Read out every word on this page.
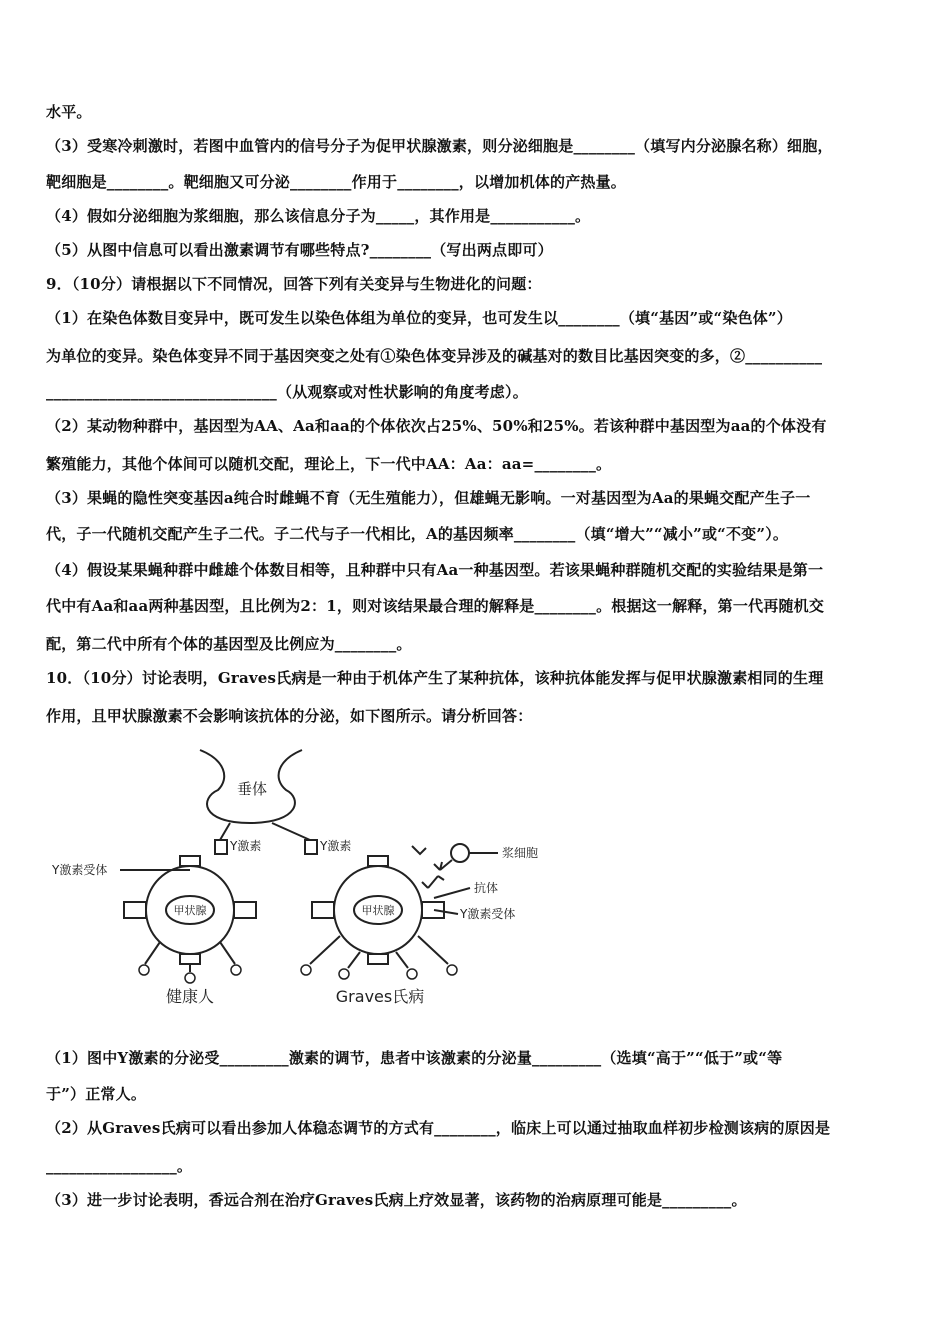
水平。
（3）受寒冷刺激时，若图中血管内的信号分子为促甲状腺激素，则分泌细胞是________（填写内分泌腺名称）细胞，
靶细胞是________。靶细胞又可分泌________作用于________，以增加机体的产热量。
（4）假如分泌细胞为浆细胞，那么该信息分子为_____，其作用是___________。
（5）从图中信息可以看出激素调节有哪些特点?________（写出两点即可）
9．（10分）请根据以下不同情况，回答下列有关变异与生物进化的问题：
（1）在染色体数目变异中，既可发生以染色体组为单位的变异，也可发生以________（填“基因”或“染色体”）
为单位的变异。染色体变异不同于基因突变之处有①染色体变异涉及的碱基对的数目比基因突变的多，②__________
______________________________（从观察或对性状影响的角度考虑）。
（2）某动物种群中，基因型为AA、Aa和aa的个体依次占25%、50%和25%。若该种群中基因型为aa的个体没有
繁殖能力，其他个体间可以随机交配，理论上，下一代中AA：Aa：aa=________。
（3）果蝇的隐性突变基因a纯合时雌蝇不育（无生殖能力），但雄蝇无影响。一对基因型为Aa的果蝇交配产生子一
代，子一代随机交配产生子二代。子二代与子一代相比，A的基因频率________（填“增大”“减小”或“不变”）。
（4）假设某果蝇种群中雌雄个体数目相等，且种群中只有Aa一种基因型。若该果蝇种群随机交配的实验结果是第一
代中有Aa和aa两种基因型，且比例为2：1，则对该结果最合理的解释是________。根据这一解释，第一代再随机交
配，第二代中所有个体的基因型及比例应为________。
10．（10分）讨论表明，Graves氏病是一种由于机体产生了某种抗体，该种抗体能发挥与促甲状腺激素相同的生理
作用，且甲状腺激素不会影响该抗体的分泌，如下图所示。请分析回答：
垂体
Y激素	Y激素
Y激素受体
浆细胞
抗体
Y激素受体
甲状腺	甲状腺
健康人	Graves氏病
（1）图中Y激素的分泌受_________激素的调节，患者中该激素的分泌量_________（选填“高于”“低于”或“等
于”）正常人。
（2）从Graves氏病可以看出参加人体稳态调节的方式有________，临床上可以通过抽取血样初步检测该病的原因是
_________________。
（3）进一步讨论表明，香远合剂在治疗Graves氏病上疗效显著，该药物的治病原理可能是_________。
